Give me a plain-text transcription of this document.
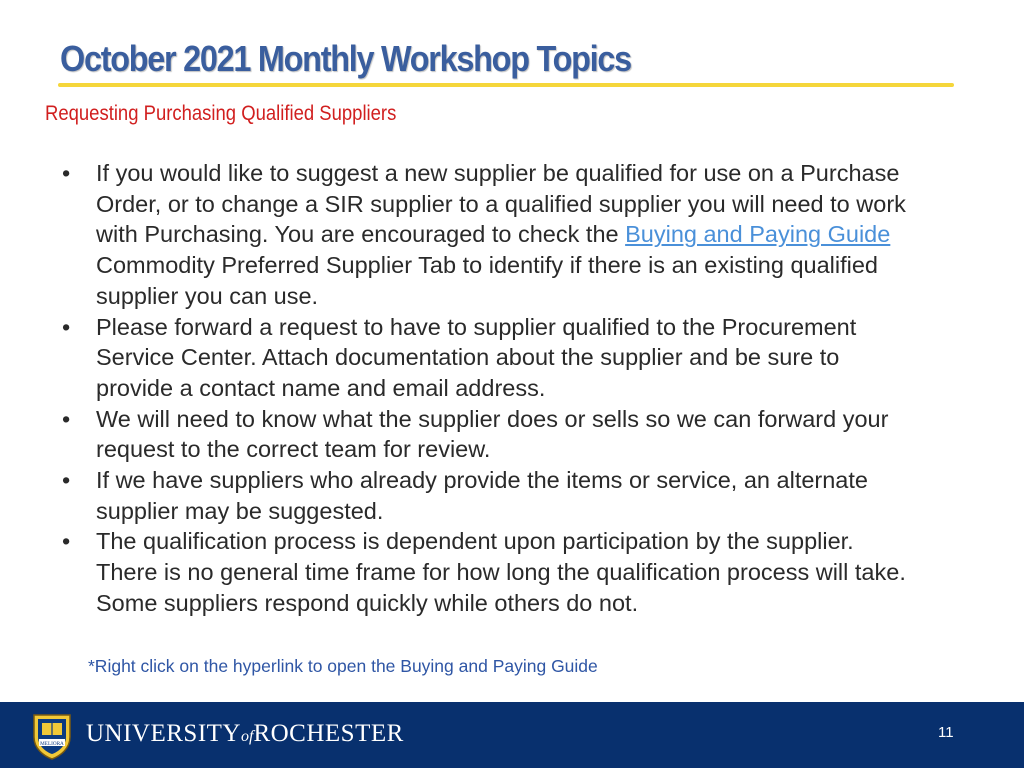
October 2021 Monthly Workshop Topics
Requesting Purchasing Qualified Suppliers
• If you would like to suggest a new supplier be qualified for use on a Purchase Order, or to change a SIR supplier to a qualified supplier you will need to work with Purchasing. You are encouraged to check the Buying and Paying Guide Commodity Preferred Supplier Tab to identify if there is an existing qualified supplier you can use.
• Please forward a request to have to supplier qualified to the Procurement Service Center. Attach documentation about the supplier and be sure to provide a contact name and email address.
• We will need to know what the supplier does or sells so we can forward your request to the correct team for review.
• If we have suppliers who already provide the items or service, an alternate supplier may be suggested.
• The qualification process is dependent upon participation by the supplier. There is no general time frame for how long the qualification process will take. Some suppliers respond quickly while others do not.
*Right click on the hyperlink to open the Buying and Paying Guide
MELIORA UNIVERSITYofROCHESTER	11
